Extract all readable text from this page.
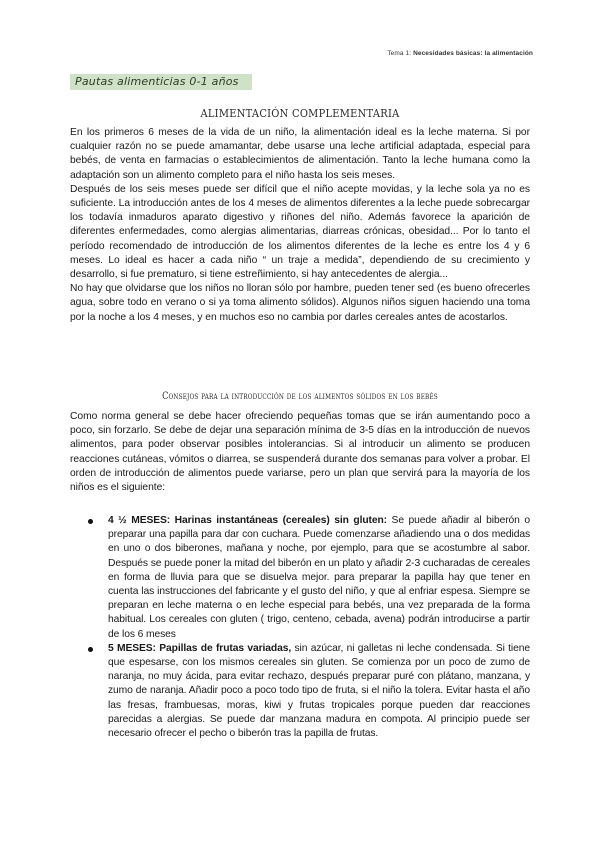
Tema 1: Necesidades básicas: la alimentación
Pautas alimenticias 0-1 años
ALIMENTACIÓN COMPLEMENTARIA

En los primeros 6 meses de la vida de un niño, la alimentación ideal es la leche materna. Si por cualquier razón no se puede amamantar, debe usarse una leche artificial adaptada, especial para bebés, de venta en farmacias o establecimientos de alimentación. Tanto la leche humana como la adaptación son un alimento completo para el niño hasta los seis meses.

Después de los seis meses puede ser difícil que el niño acepte movidas, y la leche sola ya no es suficiente. La introducción antes de los 4 meses de alimentos diferentes a la leche puede sobrecargar los todavía inmaduros aparato digestivo y riñones del niño. Además favorece la aparición de diferentes enfermedades, como alergias alimentarias, diarreas crónicas, obesidad... Por lo tanto el período recomendado de introducción de los alimentos diferentes de la leche es entre los 4 y 6 meses. Lo ideal es hacer a cada niño “ un traje a medida”, dependiendo de su crecimiento y desarrollo, si fue prematuro, si tiene estreñimiento, si hay antecedentes de alergia...

No hay que olvidarse que los niños no lloran sólo por hambre, pueden tener sed (es bueno ofrecerles agua, sobre todo en verano o si ya toma alimento sólidos). Algunos niños siguen haciendo una toma por la noche a los 4 meses, y en muchos eso no cambia por darles cereales antes de acostarlos.

Consejos para la introducción de los alimentos sólidos en los bebés

Como norma general se debe hacer ofreciendo pequeñas tomas que se irán aumentando poco a poco, sin forzarlo. Se debe de dejar una separación mínima de 3-5 días en la introducción de nuevos alimentos, para poder observar posibles intolerancias. Si al introducir un alimento se producen reacciones cutáneas, vómitos o diarrea, se suspenderá durante dos semanas para volver a probar. El orden de introducción de alimentos puede variarse, pero un plan que servirá para la mayoría de los niños es el siguiente:

4 ½ MESES: Harinas instantáneas (cereales) sin gluten: Se puede añadir al biberón o preparar una papilla para dar con cuchara. Puede comenzarse añadiendo una o dos medidas en uno o dos biberones, mañana y noche, por ejemplo, para que se acostumbre al sabor. Después se puede poner la mitad del biberón en un plato y añadir 2-3 cucharadas de cereales en forma de lluvia para que se disuelva mejor. para preparar la papilla hay que tener en cuenta las instrucciones del fabricante y el gusto del niño, y que al enfriar espesa. Siempre se preparan en leche materna o en leche especial para bebés, una vez preparada de la forma habitual. Los cereales con gluten ( trigo, centeno, cebada, avena) podrán introducirse a partir de los 6 meses
5 MESES: Papillas de frutas variadas, sin azúcar, ni galletas ni leche condensada. Si tiene que espesarse, con los mismos cereales sin gluten. Se comienza por un poco de zumo de naranja, no muy ácida, para evitar rechazo, después preparar puré con plátano, manzana, y zumo de naranja. Añadir poco a poco todo tipo de fruta, si el niño la tolera. Evitar hasta el año las fresas, frambuesas, moras, kiwi y frutas tropicales porque pueden dar reacciones parecidas a alergias. Se puede dar manzana madura en compota. Al principio puede ser necesario ofrecer el pecho o biberón tras la papilla de frutas.
